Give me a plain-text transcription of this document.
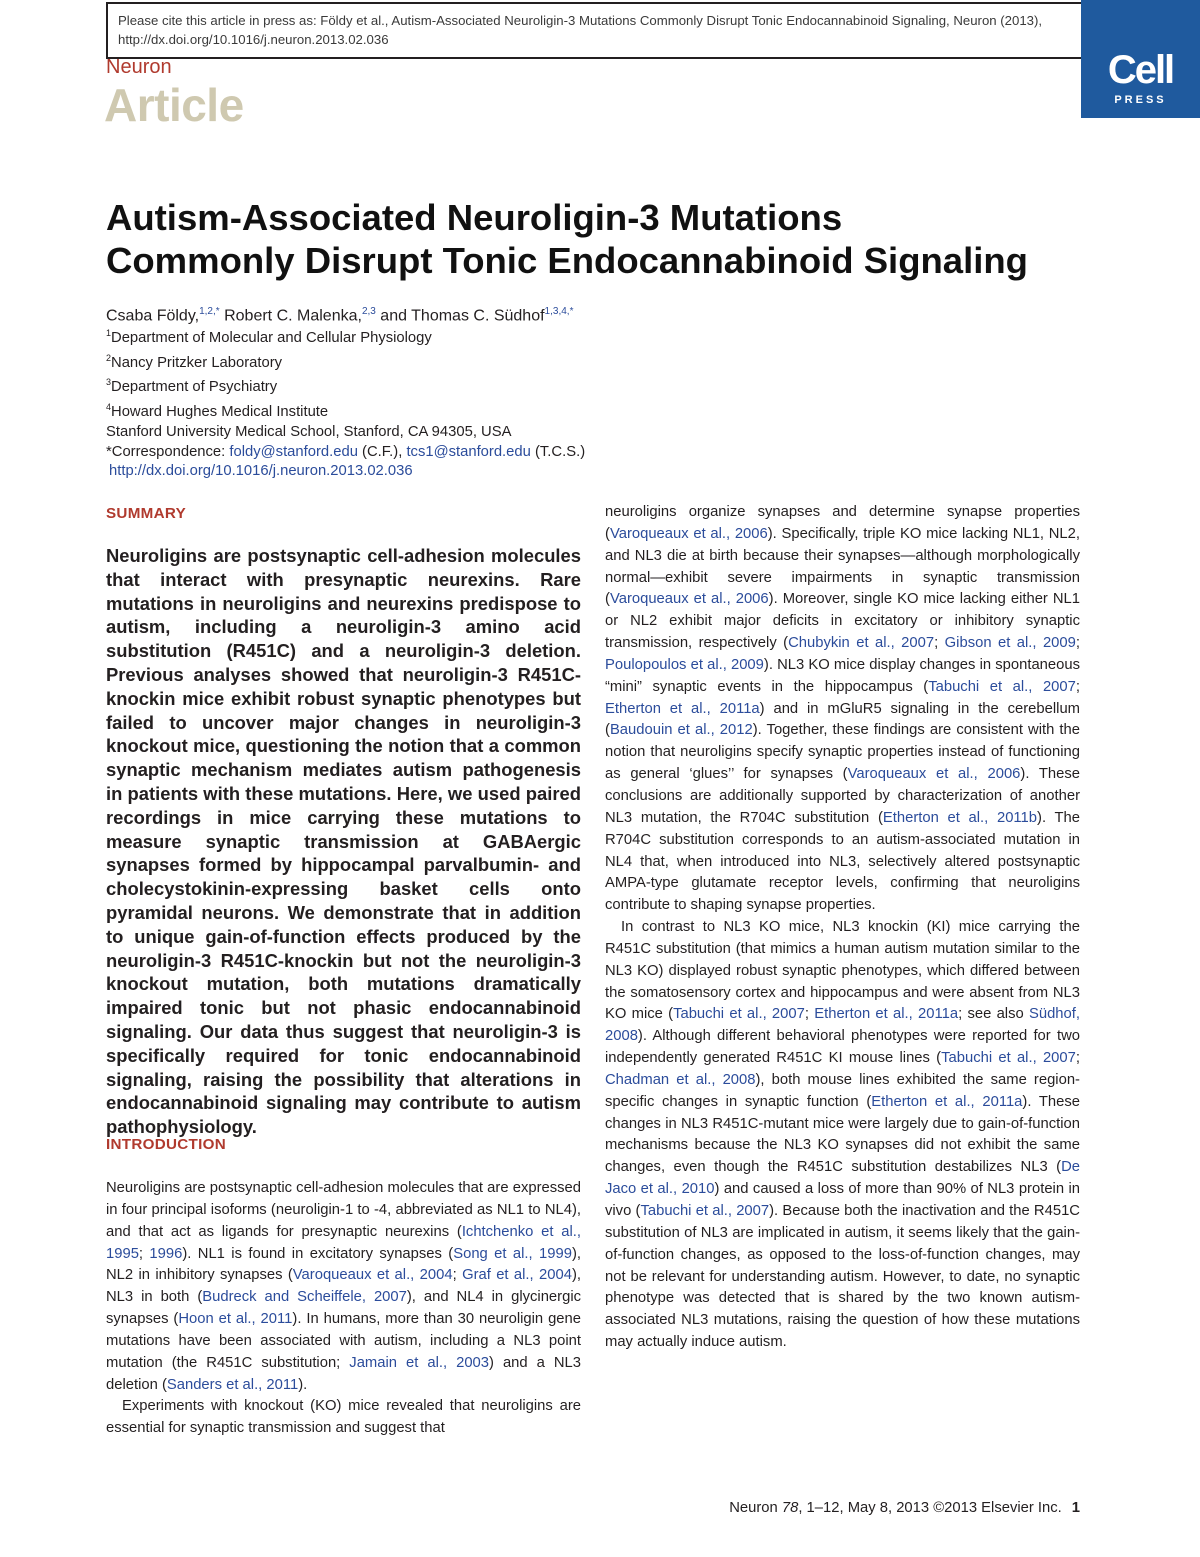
Please cite this article in press as: Földy et al., Autism-Associated Neuroligin-3 Mutations Commonly Disrupt Tonic Endocannabinoid Signaling, Neuron (2013), http://dx.doi.org/10.1016/j.neuron.2013.02.036
Neuron
Article
Cell
PRESS
Autism-Associated Neuroligin-3 Mutations
Commonly Disrupt Tonic Endocannabinoid Signaling
Csaba Földy,$^{1,2,*}$ Robert C. Malenka,$^{2,3}$ and Thomas C. Südhof$^{1,3,4,*}$
$^1$Department of Molecular and Cellular Physiology
$^2$Nancy Pritzker Laboratory
$^3$Department of Psychiatry
$^4$Howard Hughes Medical Institute
Stanford University Medical School, Stanford, CA 94305, USA
*Correspondence: foldy@stanford.edu (C.F.), tcs1@stanford.edu (T.C.S.)
http://dx.doi.org/10.1016/j.neuron.2013.02.036
SUMMARY
Neuroligins are postsynaptic cell-adhesion molecules that interact with presynaptic neurexins. Rare mutations in neuroligins and neurexins predispose to autism, including a neuroligin-3 amino acid substitution (R451C) and a neuroligin-3 deletion. Previous analyses showed that neuroligin-3 R451C-knockin mice exhibit robust synaptic phenotypes but failed to uncover major changes in neuroligin-3 knockout mice, questioning the notion that a common synaptic mechanism mediates autism pathogenesis in patients with these mutations. Here, we used paired recordings in mice carrying these mutations to measure synaptic transmission at GABAergic synapses formed by hippocampal parvalbumin- and cholecystokinin-expressing basket cells onto pyramidal neurons. We demonstrate that in addition to unique gain-of-function effects produced by the neuroligin-3 R451C-knockin but not the neuroligin-3 knockout mutation, both mutations dramatically impaired tonic but not phasic endocannabinoid signaling. Our data thus suggest that neuroligin-3 is specifically required for tonic endocannabinoid signaling, raising the possibility that alterations in endocannabinoid signaling may contribute to autism pathophysiology.
INTRODUCTION

Neuroligins are postsynaptic cell-adhesion molecules that are expressed in four principal isoforms (neuroligin-1 to -4, abbreviated as NL1 to NL4), and that act as ligands for presynaptic neurexins (Ichtchenko et al., 1995; 1996). NL1 is found in excitatory synapses (Song et al., 1999), NL2 in inhibitory synapses (Varoqueaux et al., 2004; Graf et al., 2004), NL3 in both (Budreck and Scheiffele, 2007), and NL4 in glycinergic synapses (Hoon et al., 2011). In humans, more than 30 neuroligin gene mutations have been associated with autism, including a NL3 point mutation (the R451C substitution; Jamain et al., 2003) and a NL3 deletion (Sanders et al., 2011).

Experiments with knockout (KO) mice revealed that neuroligins are essential for synaptic transmission and suggest that

neuroligins organize synapses and determine synapse properties (Varoqueaux et al., 2006). Specifically, triple KO mice lacking NL1, NL2, and NL3 die at birth because their synapses—although morphologically normal—exhibit severe impairments in synaptic transmission (Varoqueaux et al., 2006). Moreover, single KO mice lacking either NL1 or NL2 exhibit major deficits in excitatory or inhibitory synaptic transmission, respectively (Chubykin et al., 2007; Gibson et al., 2009; Poulopoulos et al., 2009). NL3 KO mice display changes in spontaneous “mini” synaptic events in the hippocampus (Tabuchi et al., 2007; Etherton et al., 2011a) and in mGluR5 signaling in the cerebellum (Baudouin et al., 2012). Together, these findings are consistent with the notion that neuroligins specify synaptic properties instead of functioning as general ‘glues’’ for synapses (Varoqueaux et al., 2006). These conclusions are additionally supported by characterization of another NL3 mutation, the R704C substitution (Etherton et al., 2011b). The R704C substitution corresponds to an autism-associated mutation in NL4 that, when introduced into NL3, selectively altered postsynaptic AMPA-type glutamate receptor levels, confirming that neuroligins contribute to shaping synapse properties.

In contrast to NL3 KO mice, NL3 knockin (KI) mice carrying the R451C substitution (that mimics a human autism mutation similar to the NL3 KO) displayed robust synaptic phenotypes, which differed between the somatosensory cortex and hippocampus and were absent from NL3 KO mice (Tabuchi et al., 2007; Etherton et al., 2011a; see also Südhof, 2008). Although different behavioral phenotypes were reported for two independently generated R451C KI mouse lines (Tabuchi et al., 2007; Chadman et al., 2008), both mouse lines exhibited the same region-specific changes in synaptic function (Etherton et al., 2011a). These changes in NL3 R451C-mutant mice were largely due to gain-of-function mechanisms because the NL3 KO synapses did not exhibit the same changes, even though the R451C substitution destabilizes NL3 (De Jaco et al., 2010) and caused a loss of more than 90% of NL3 protein in vivo (Tabuchi et al., 2007). Because both the inactivation and the R451C substitution of NL3 are implicated in autism, it seems likely that the gain-of-function changes, as opposed to the loss-of-function changes, may not be relevant for understanding autism. However, to date, no synaptic phenotype was detected that is shared by the two known autism-associated NL3 mutations, raising the question of how these mutations may actually induce autism.

Neuron 78, 1–12, May 8, 2013 ©2013 Elsevier Inc. 1
